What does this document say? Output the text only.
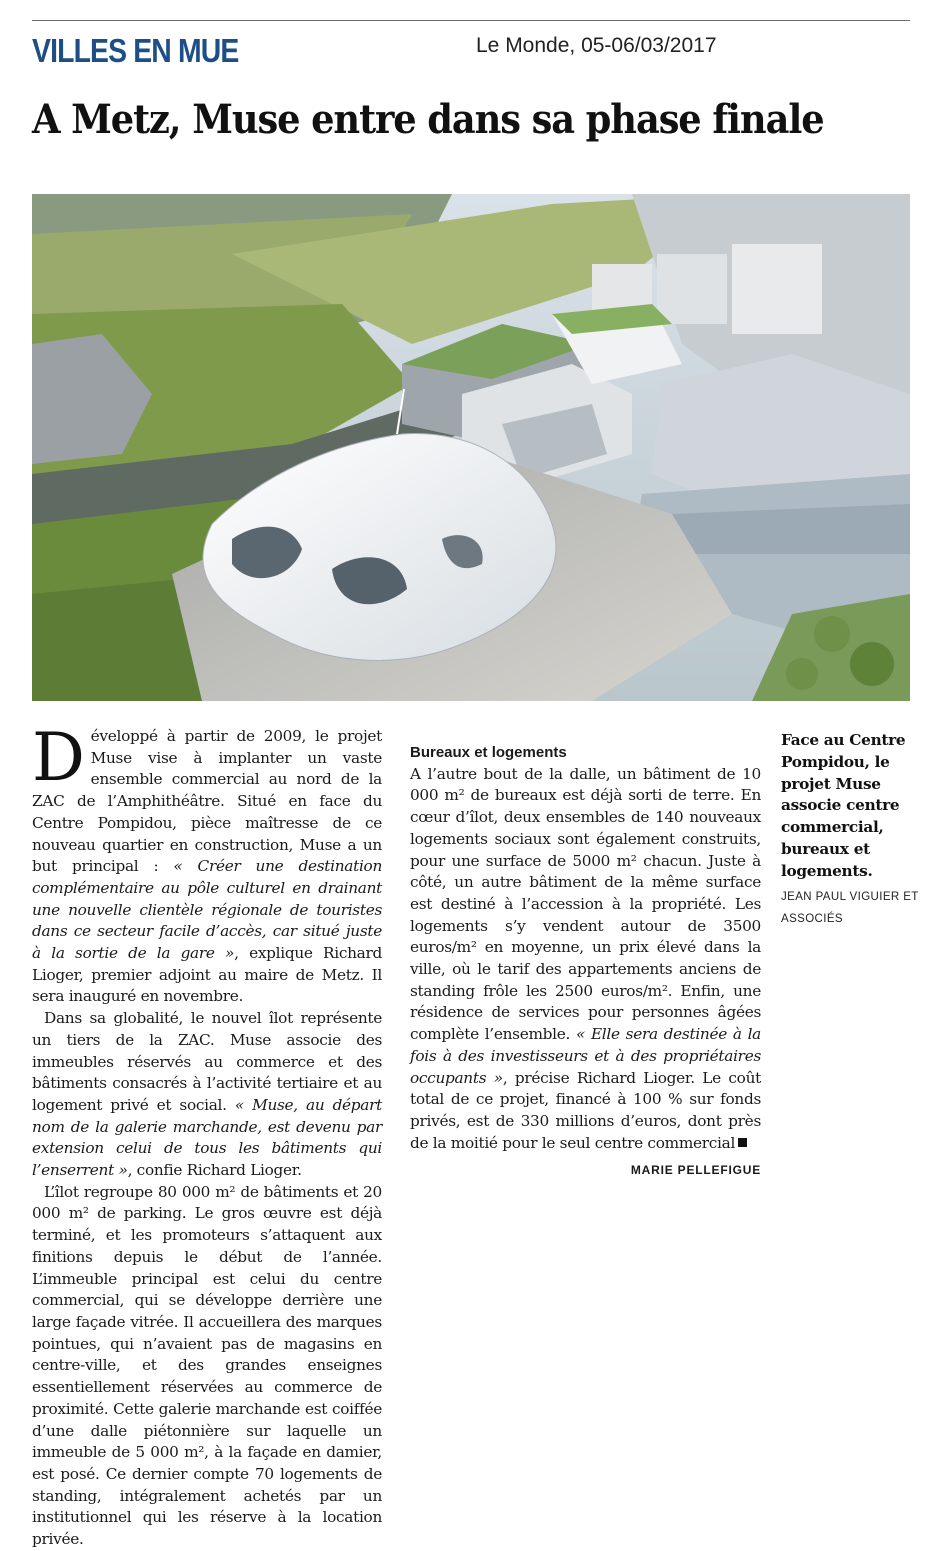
VILLES EN MUE	Le Monde, 05-06/03/2017
A Metz, Muse entre dans sa phase finale

D éveloppé à partir de 2009, le projet Muse vise à implanter un vaste ensemble commercial au nord de la ZAC de l’Amphithéâtre. Situé en face du Centre Pompidou, pièce maîtresse de ce nouveau quartier en construction, Muse a un but principal : « Créer une destination complémentaire au pôle culturel en drainant une nouvelle clientèle régionale de touristes dans ce secteur facile d’accès, car situé juste à la sortie de la gare », explique Richard Lioger, premier adjoint au maire de Metz. Il sera inauguré en novembre.

Dans sa globalité, le nouvel îlot représente un tiers de la ZAC. Muse associe des immeubles réservés au commerce et des bâtiments consacrés à l’activité tertiaire et au logement privé et social. « Muse, au départ nom de la galerie marchande, est devenu par extension celui de tous les bâtiments qui l’enserrent », confie Richard Lioger.

L’îlot regroupe 80 000 m² de bâtiments et 20 000 m² de parking. Le gros œuvre est déjà terminé, et les promoteurs s’attaquent aux finitions depuis le début de l’année. L’immeuble principal est celui du centre commercial, qui se développe derrière une large façade vitrée. Il accueillera des marques pointues, qui n’avaient pas de magasins en centre-ville, et des grandes enseignes essentiellement réservées au commerce de proximité. Cette galerie marchande est coiffée d’une dalle piétonnière sur laquelle un immeuble de 5 000 m², à la façade en damier, est posé. Ce dernier compte 70 logements de standing, intégralement achetés par un institutionnel qui les réserve à la location privée.

Bureaux et logements

A l’autre bout de la dalle, un bâtiment de 10 000 m² de bureaux est déjà sorti de terre. En cœur d’îlot, deux ensembles de 140 nouveaux logements sociaux sont également construits, pour une surface de 5000 m² chacun. Juste à côté, un autre bâtiment de la même surface est destiné à l’accession à la propriété. Les logements s’y vendent autour de 3500 euros/m² en moyenne, un prix élevé dans la ville, où le tarif des appartements anciens de standing frôle les 2500 euros/m². Enfin, une résidence de services pour personnes âgées complète l’ensemble. « Elle sera destinée à la fois à des investisseurs et à des propriétaires occupants », précise Richard Lioger. Le coût total de ce projet, financé à 100 % sur fonds privés, est de 330 millions d’euros, dont près de la moitié pour le seul centre commercial

MARIE PELLEFIGUE

Face au Centre Pompidou, le projet Muse associe centre commercial, bureaux et logements.
JEAN PAUL VIGUIER ET ASSOCIÉS
